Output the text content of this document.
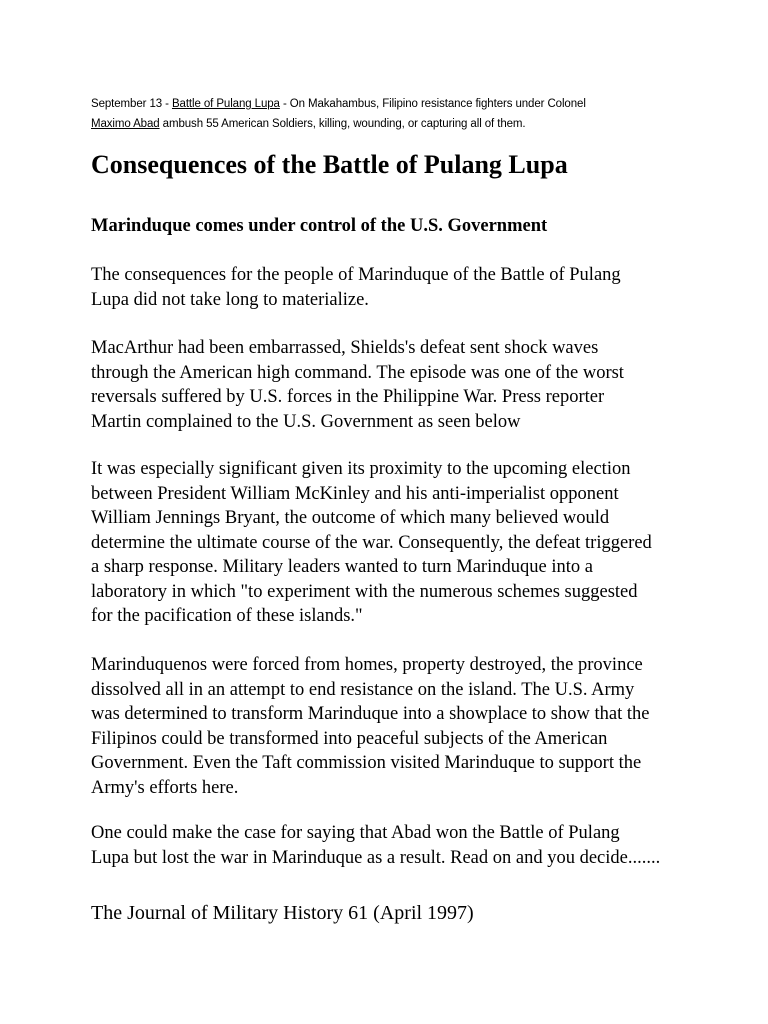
September 13 - Battle of Pulang Lupa - On Makahambus, Filipino resistance fighters under Colonel
Maximo Abad ambush 55 American Soldiers, killing, wounding, or capturing all of them.
Consequences of the Battle of Pulang Lupa
Marinduque comes under control of the U.S. Government

The consequences for the people of Marinduque of the Battle of Pulang
Lupa did not take long to materialize.

MacArthur had been embarrassed, Shields's defeat sent shock waves
through the American high command. The episode was one of the worst
reversals suffered by U.S. forces in the Philippine War. Press reporter
Martin complained to the U.S. Government as seen below

It was especially significant given its proximity to the upcoming election
between President William McKinley and his anti-imperialist opponent
William Jennings Bryant, the outcome of which many believed would
determine the ultimate course of the war. Consequently, the defeat triggered
a sharp response. Military leaders wanted to turn Marinduque into a
laboratory in which "to experiment with the numerous schemes suggested
for the pacification of these islands."

Marinduquenos were forced from homes, property destroyed, the province
dissolved all in an attempt to end resistance on the island. The U.S. Army
was determined to transform Marinduque into a showplace to show that the
Filipinos could be transformed into peaceful subjects of the American
Government. Even the Taft commission visited Marinduque to support the
Army's efforts here.

One could make the case for saying that Abad won the Battle of Pulang
Lupa but lost the war in Marinduque as a result. Read on and you decide.......

The Journal of Military History 61 (April 1997)
